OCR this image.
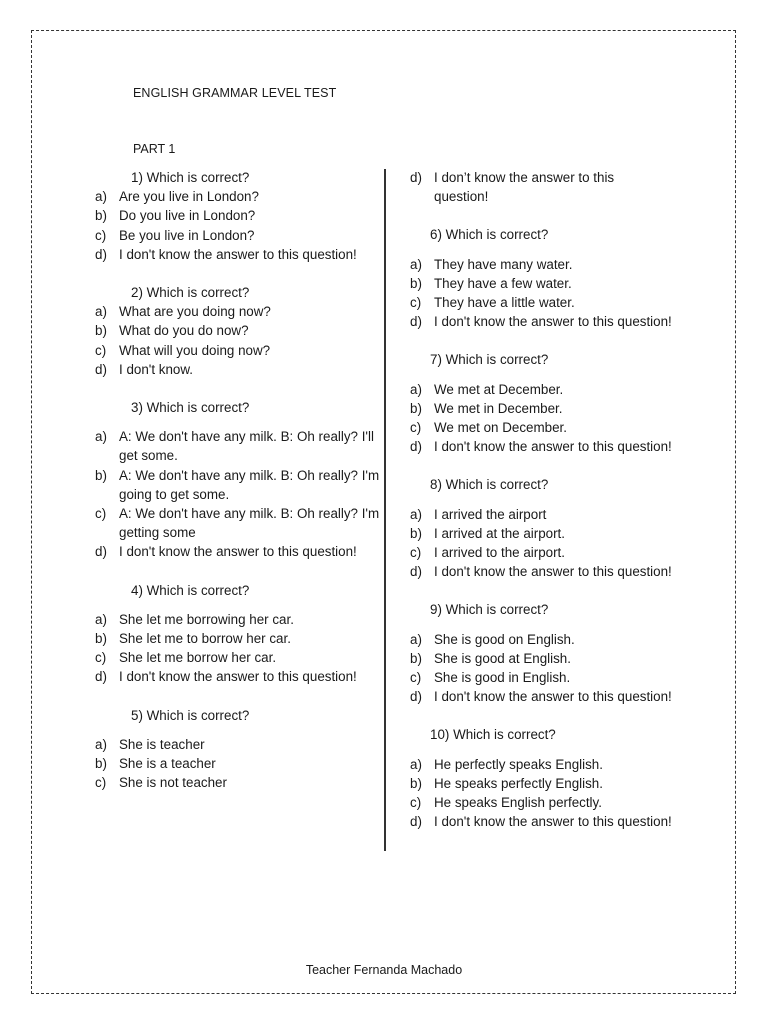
ENGLISH GRAMMAR LEVEL TEST
PART 1
1) Which is correct?
a) Are you live in London?
b) Do you live in London?
c) Be you live in London?
d) I don't know the answer to this question!
2) Which is correct?
a) What are you doing now?
b) What do you do now?
c) What will you doing now?
d) I don't know.
3) Which is correct?
a) A: We don't have any milk. B: Oh really? I'll get some.
b) A: We don't have any milk. B: Oh really? I'm going to get some.
c) A: We don't have any milk. B: Oh really? I'm getting some
d) I don't know the answer to this question!
4) Which is correct?
a) She let me borrowing her car.
b) She let me to borrow her car.
c) She let me borrow her car.
d) I don't know the answer to this question!
5) Which is correct?
a) She is teacher
b) She is a teacher
c) She is not teacher
d) I don’t know the answer to this question!
6) Which is correct?
a) They have many water.
b) They have a few water.
c) They have a little water.
d) I don't know the answer to this question!
7) Which is correct?
a) We met at December.
b) We met in December.
c) We met on December.
d) I don't know the answer to this question!
8) Which is correct?
a) I arrived the airport
b) I arrived at the airport.
c) I arrived to the airport.
d) I don't know the answer to this question!
9) Which is correct?
a) She is good on English.
b) She is good at English.
c) She is good in English.
d) I don't know the answer to this question!
10) Which is correct?
a) He perfectly speaks English.
b) He speaks perfectly English.
c) He speaks English perfectly.
d) I don't know the answer to this question!
Teacher Fernanda Machado
